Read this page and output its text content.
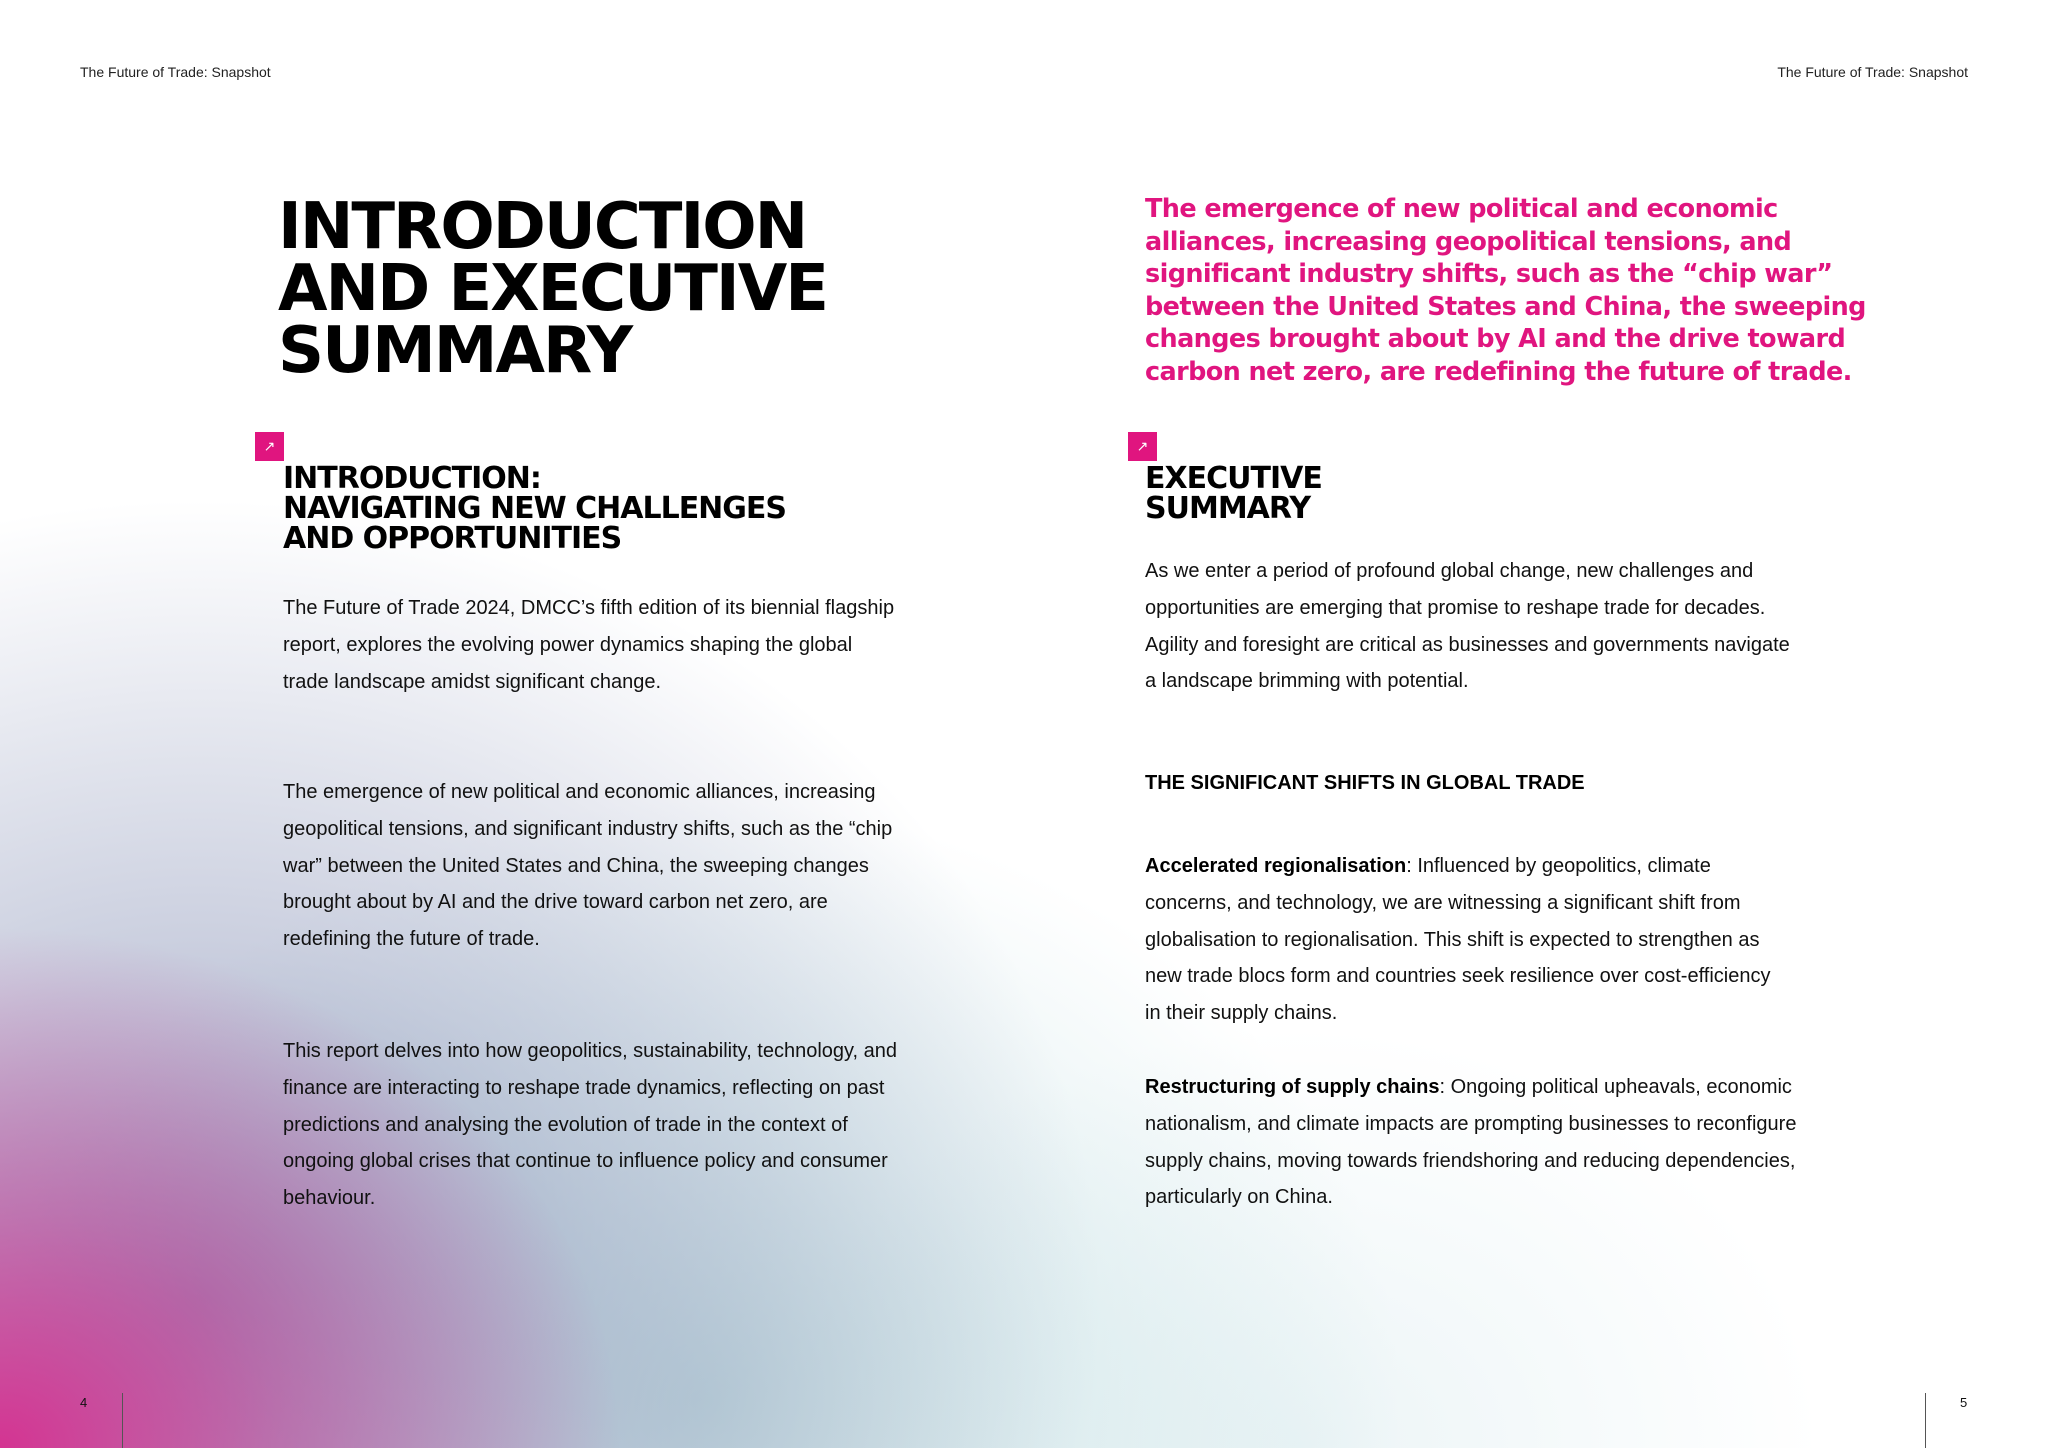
The Future of Trade: Snapshot	The Future of Trade: Snapshot
INTRODUCTION
AND EXECUTIVE
SUMMARY
↗
INTRODUCTION:
NAVIGATING NEW CHALLENGES
AND OPPORTUNITIES

The Future of Trade 2024, DMCC’s fifth edition of its biennial flagship report, explores the evolving power dynamics shaping the global trade landscape amidst significant change.

The emergence of new political and economic alliances, increasing geopolitical tensions, and significant industry shifts, such as the “chip war” between the United States and China, the sweeping changes brought about by AI and the drive toward carbon net zero, are redefining the future of trade.

This report delves into how geopolitics, sustainability, technology, and finance are interacting to reshape trade dynamics, reflecting on past predictions and analysing the evolution of trade in the context of ongoing global crises that continue to influence policy and consumer behaviour.

4
The emergence of new political and economic alliances, increasing geopolitical tensions, and significant industry shifts, such as the “chip war” between the United States and China, the sweeping changes brought about by AI and the drive toward carbon net zero, are redefining the future of trade.
↗
EXECUTIVE
SUMMARY

As we enter a period of profound global change, new challenges and opportunities are emerging that promise to reshape trade for decades. Agility and foresight are critical as businesses and governments navigate a landscape brimming with potential.

THE SIGNIFICANT SHIFTS IN GLOBAL TRADE

Accelerated regionalisation: Influenced by geopolitics, climate concerns, and technology, we are witnessing a significant shift from globalisation to regionalisation. This shift is expected to strengthen as new trade blocs form and countries seek resilience over cost-efficiency in their supply chains.

Restructuring of supply chains: Ongoing political upheavals, economic nationalism, and climate impacts are prompting businesses to reconfigure supply chains, moving towards friendshoring and reducing dependencies, particularly on China.

5
